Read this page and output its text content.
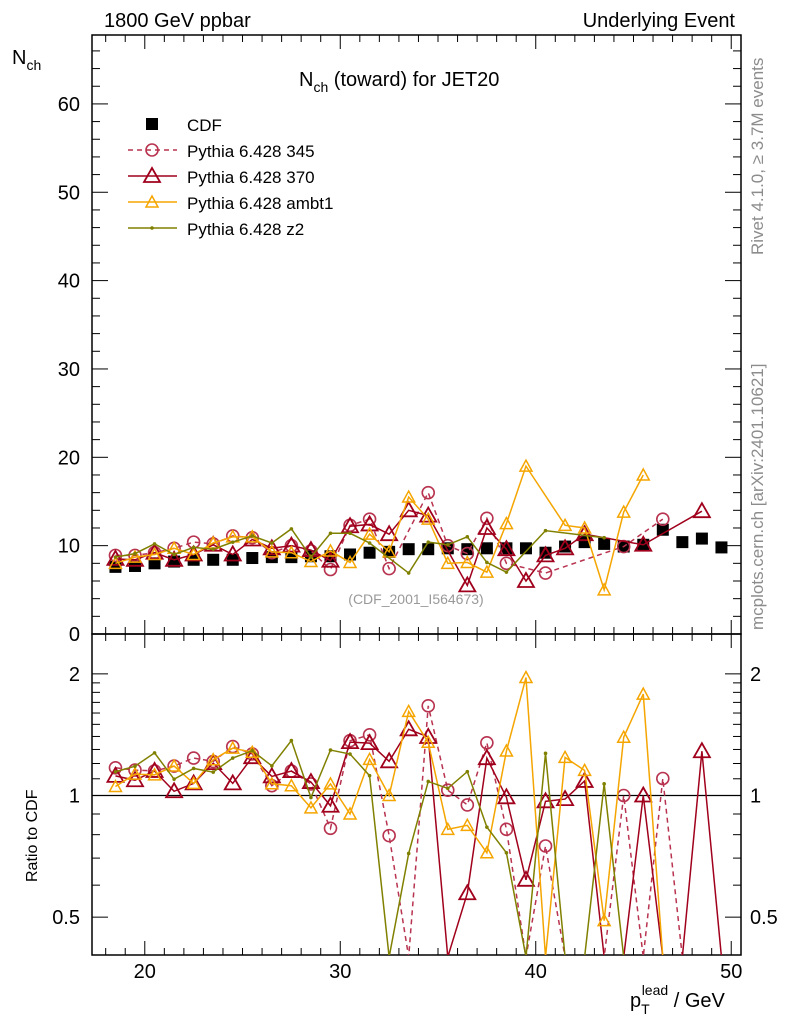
1800 GeV ppbar	Underlying Event
$N_{ch}$
$N_{ch}$ (toward) for JET20	Rivet 4.1.0, ≥ 3.7M events
mcplots.cern.ch [arXiv:2401.10621]
(CDF_2001_I564673)
Ratio to CDF
$p_Tlead$ / GeV
CDF
Pythia 6.428 345
Pythia 6.428 370
Pythia 6.428 ambt1
Pythia 6.428 z2
20	30	40	50
0
10
20
30
40
50
60
0.5	0.5
1	1
2	2
